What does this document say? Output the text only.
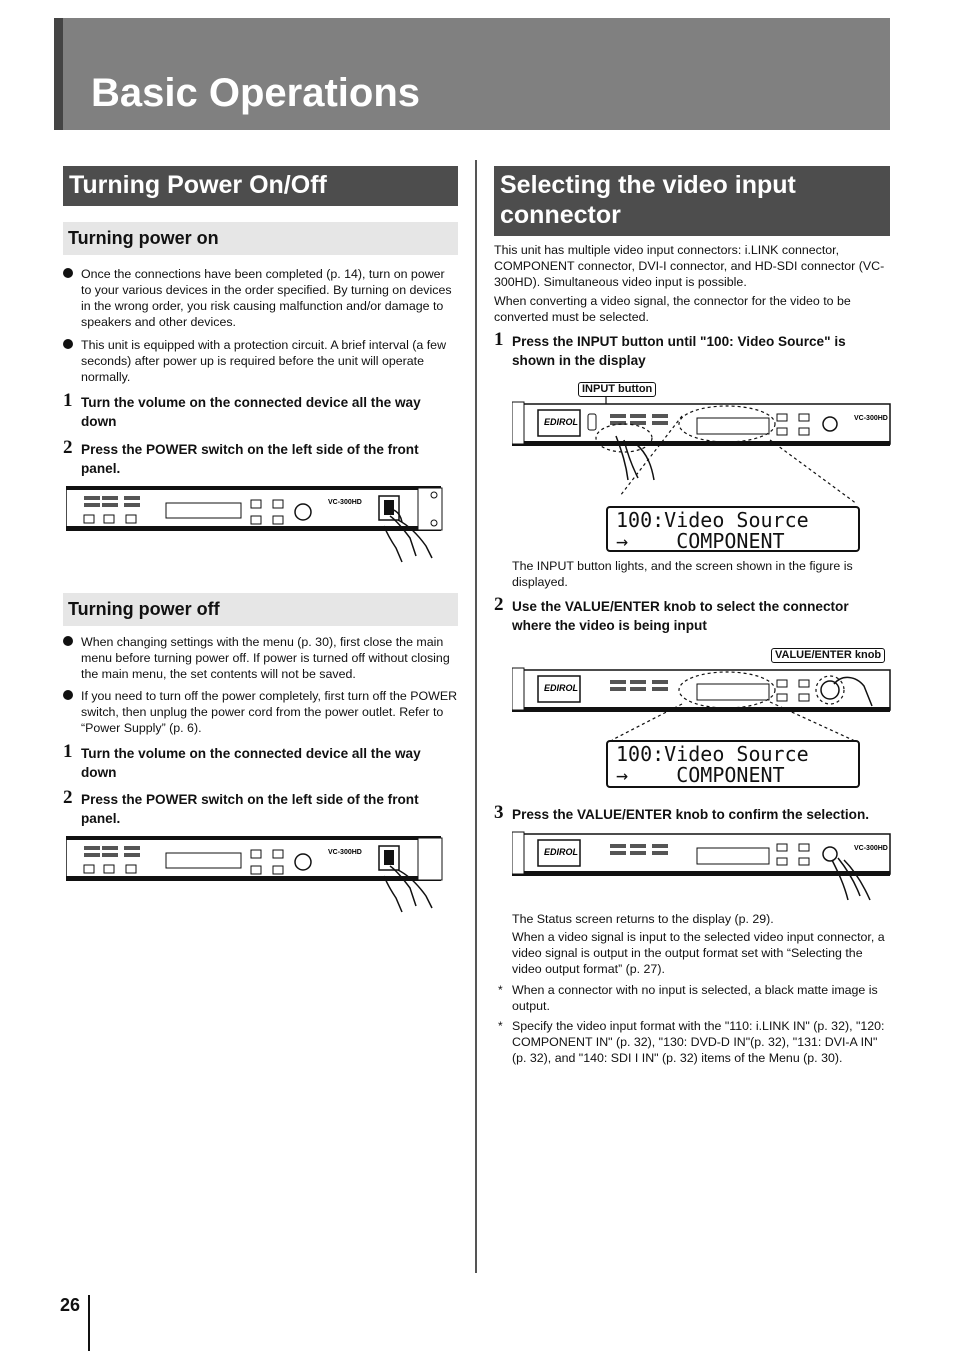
Basic Operations
Turning Power On/Off
Turning power on
Once the connections have been completed (p. 14), turn on power to your various devices in the order specified. By turning on devices in the wrong order, you risk causing malfunction and/or damage to speakers and other devices.
This unit is equipped with a protection circuit. A brief interval (a few seconds) after power up is required before the unit will operate normally.
1 Turn the volume on the connected device all the way down
2 Press the POWER switch on the left side of the front panel.
VC-300HD
Turning power off
When changing settings with the menu (p. 30), first close the main menu before turning power off. If power is turned off without closing the main menu, the set contents will not be saved.
If you need to turn off the power completely, first turn off the POWER switch, then unplug the power cord from the power outlet. Refer to “Power Supply” (p. 6).
1 Turn the volume on the connected device all the way down
2 Press the POWER switch on the left side of the front panel.
VC-300HD
Selecting the video input connector
This unit has multiple video input connectors: i.LINK connector, COMPONENT connector, DVI-I connector, and HD-SDI connector (VC-300HD). Simultaneous video input is possible.
When converting a video signal, the connector for the video to be converted must be selected.
1 Press the INPUT button until "100: Video Source" is shown in the display
INPUT button
EDIROL	VC-300HD
100:Video Source
→ COMPONENT
The INPUT button lights, and the screen shown in the figure is displayed.
2 Use the VALUE/ENTER knob to select the connector where the video is being input
VALUE/ENTER knob
EDIROL
100:Video Source
→ COMPONENT
3 Press the VALUE/ENTER knob to confirm the selection.
EDIROL	VC-300HD
The Status screen returns to the display (p. 29).
When a video signal is input to the selected video input connector, a video signal is output in the output format set with “Selecting the video output format” (p. 27).
* When a connector with no input is selected, a black matte image is output.
* Specify the video input format with the "110: i.LINK IN" (p. 32), "120: COMPONENT IN" (p. 32), "130: DVD-D IN"(p. 32), "131: DVI-A IN" (p. 32), and "140: SDI I IN" (p. 32) items of the Menu (p. 30).
26
